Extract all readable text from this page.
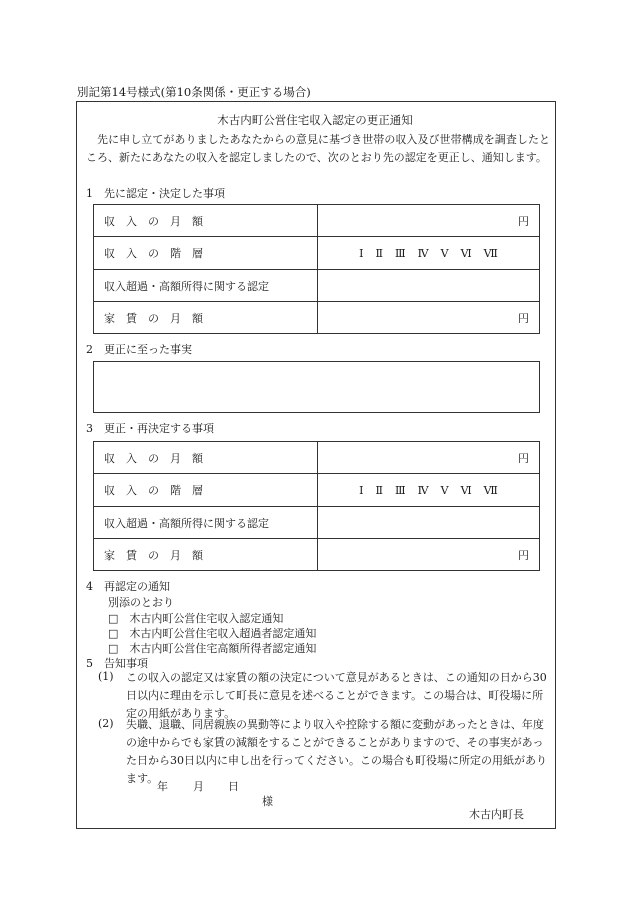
別記第14号様式(第10条関係・更正する場合)
木古内町公営住宅収入認定の更正通知
　先に申し立てがありましたあなたからの意見に基づき世帯の収入及び世帯構成を調査したところ、新たにあなたの収入を認定しましたので、次のとおり先の認定を更正し、通知します。
1　先に認定・決定した事項
収入の月額	円
収入の階層	Ⅰ Ⅱ Ⅲ Ⅳ Ⅴ Ⅵ Ⅶ
収入超過・高額所得に関する認定	
家賃の月額	円
2　更正に至った事実
3　更正・再決定する事項
収入の月額	円
収入の階層	Ⅰ Ⅱ Ⅲ Ⅳ Ⅴ Ⅵ Ⅶ
収入超過・高額所得に関する認定	
家賃の月額	円
4　再認定の通知
別添のとおり
□　木古内町公営住宅収入認定通知
□　木古内町公営住宅収入超過者認定通知
□　木古内町公営住宅高額所得者認定通知
5　告知事項
(1) この収入の認定又は家賃の額の決定について意見があるときは、この通知の日から30日以内に理由を示して町長に意見を述べることができます。この場合は、町役場に所定の用紙があります。
(2) 失職、退職、同居親族の異動等により収入や控除する額に変動があったときは、年度の途中からでも家賃の減額をすることができることがありますので、その事実があった日から30日以内に申し出を行ってください。この場合も町役場に所定の用紙があります。
年 月 日
様
木古内町長
